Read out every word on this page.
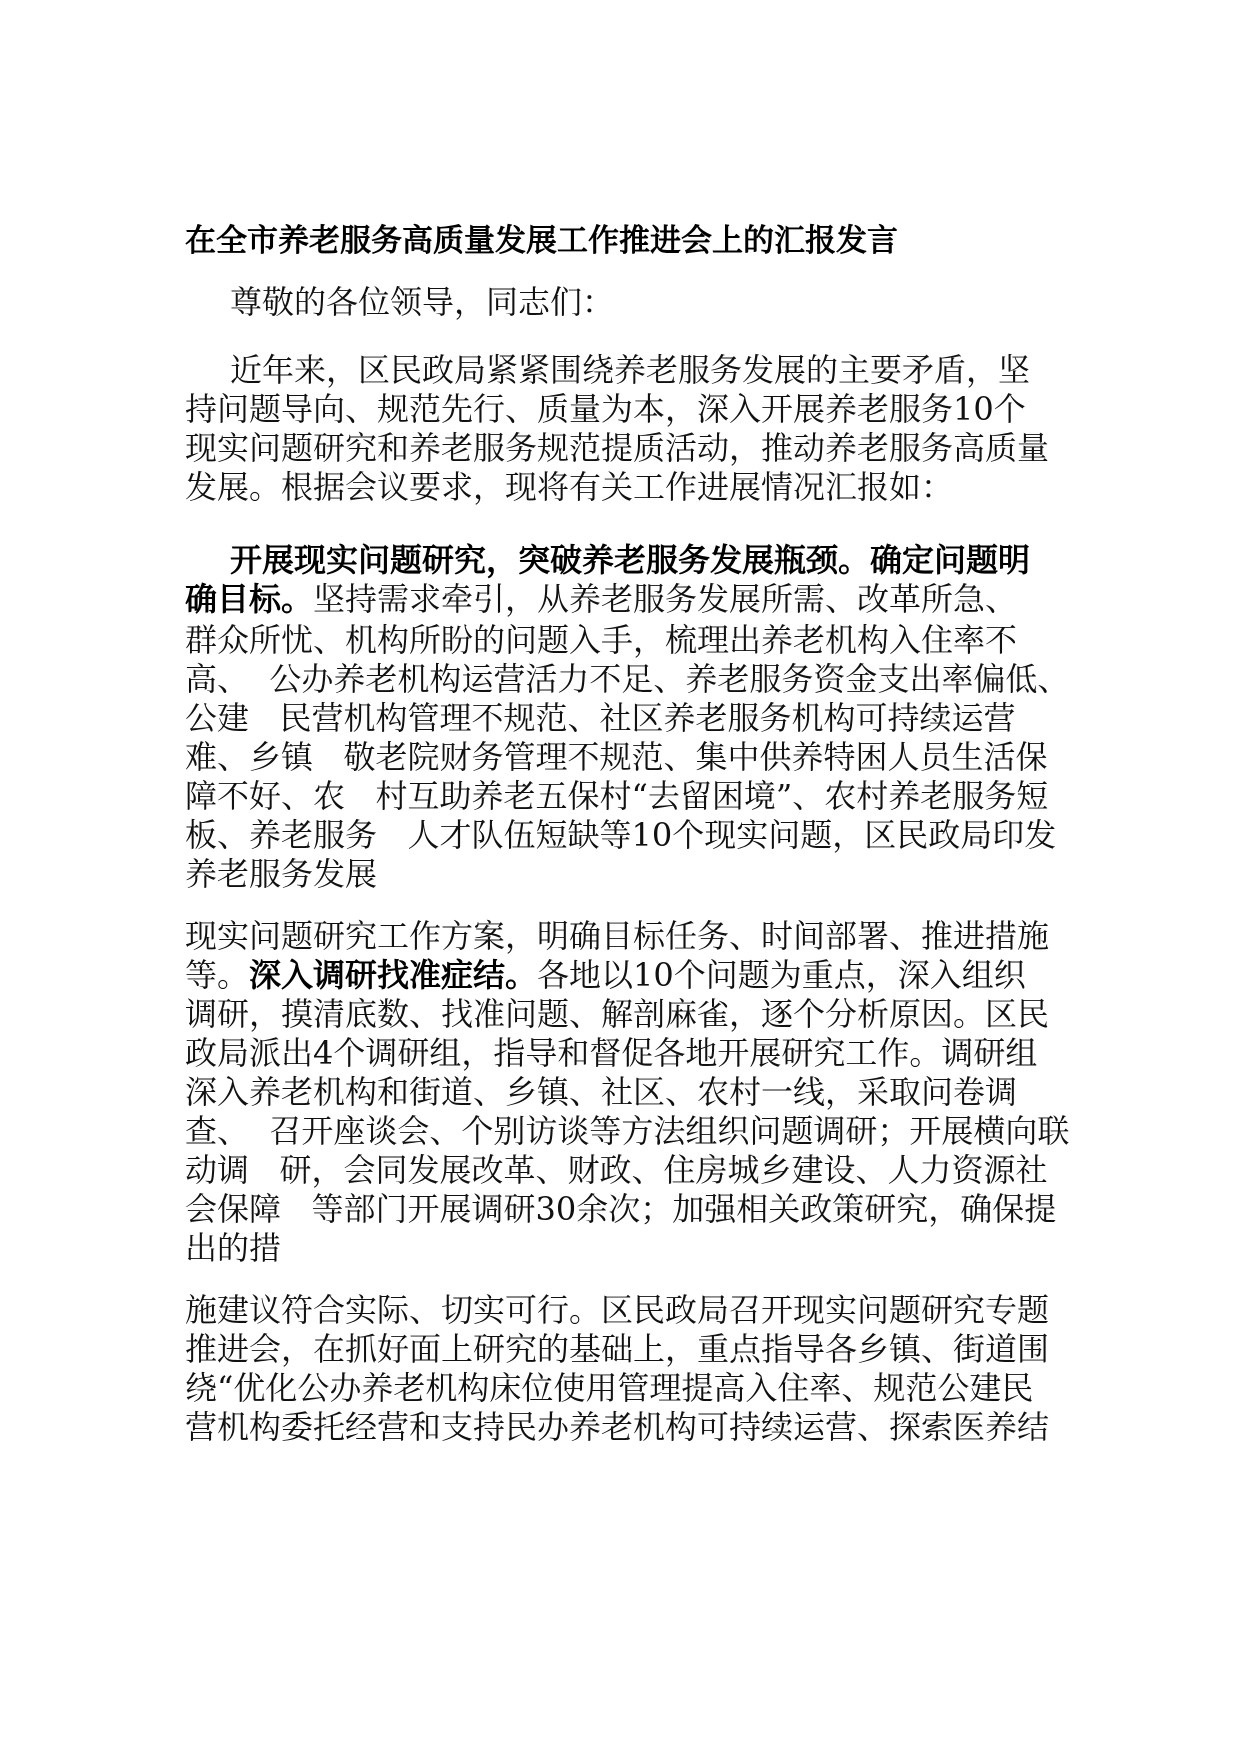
在全市养老服务高质量发展工作推进会上的汇报发言
尊敬的各位领导，同志们：
近年来，区民政局紧紧围绕养老服务发展的主要矛盾，坚
持问题导向、规范先行、质量为本，深入开展养老服务10个
现实问题研究和养老服务规范提质活动，推动养老服务高质量
发展。根据会议要求，现将有关工作进展情况汇报如：
开展现实问题研究，突破养老服务发展瓶颈。确定问题明
确目标。坚持需求牵引，从养老服务发展所需、改革所急、
群众所忧、机构所盼的问题入手，梳理出养老机构入住率不
高、  公办养老机构运营活力不足、养老服务资金支出率偏低、
公建   民营机构管理不规范、社区养老服务机构可持续运营
难、乡镇   敬老院财务管理不规范、集中供养特困人员生活保
障不好、农   村互助养老五保村“去留困境”、农村养老服务短
板、养老服务   人才队伍短缺等10个现实问题，区民政局印发
养老服务发展
现实问题研究工作方案，明确目标任务、时间部署、推进措施
等。深入调研找准症结。各地以10个问题为重点，深入组织
调研，摸清底数、找准问题、解剖麻雀，逐个分析原因。区民
政局派出4个调研组，指导和督促各地开展研究工作。调研组
深入养老机构和街道、乡镇、社区、农村一线，采取问卷调
查、  召开座谈会、个别访谈等方法组织问题调研；开展横向联
动调   研，会同发展改革、财政、住房城乡建设、人力资源社
会保障   等部门开展调研30余次；加强相关政策研究，确保提
出的措
施建议符合实际、切实可行。区民政局召开现实问题研究专题
推进会，在抓好面上研究的基础上，重点指导各乡镇、街道围
绕“优化公办养老机构床位使用管理提高入住率、规范公建民
营机构委托经营和支持民办养老机构可持续运营、探索医养结
